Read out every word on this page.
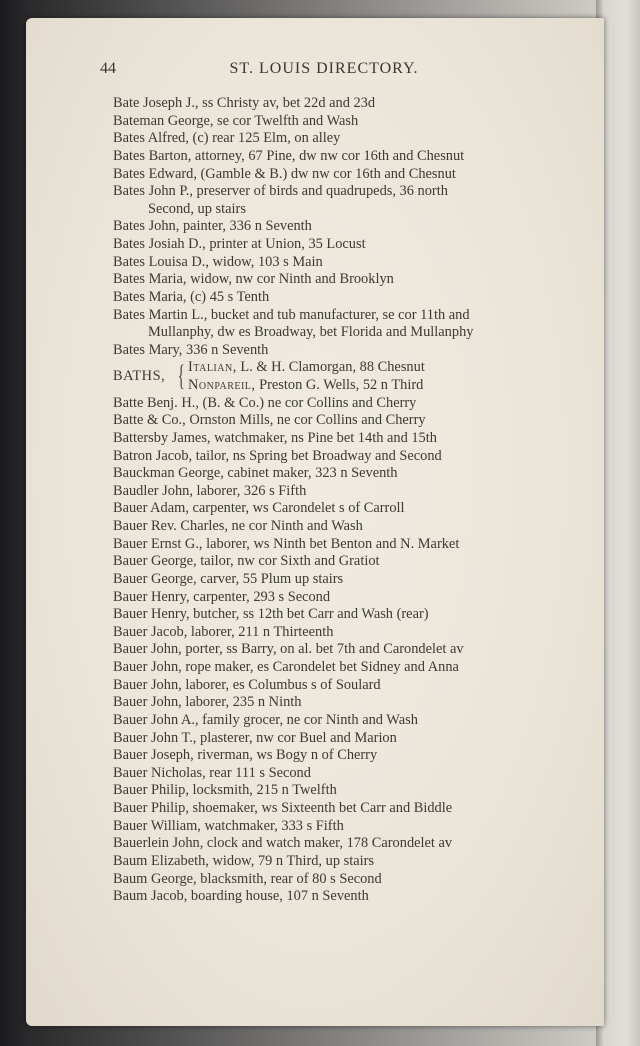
44	ST. LOUIS DIRECTORY.
Bate Joseph J., ss Christy av, bet 22d and 23d
Bateman George, se cor Twelfth and Wash
Bates Alfred, (c) rear 125 Elm, on alley
Bates Barton, attorney, 67 Pine, dw nw cor 16th and Chesnut
Bates Edward, (Gamble & B.) dw nw cor 16th and Chesnut
Bates John P., preserver of birds and quadrupeds, 36 north
Second, up stairs
Bates John, painter, 336 n Seventh
Bates Josiah D., printer at Union, 35 Locust
Bates Louisa D., widow, 103 s Main
Bates Maria, widow, nw cor Ninth and Brooklyn
Bates Maria, (c) 45 s Tenth
Bates Martin L., bucket and tub manufacturer, se cor 11th and
Mullanphy, dw es Broadway, bet Florida and Mullanphy
Bates Mary, 336 n Seventh
BATHS, { Italian, L. & H. Clamorgan, 88 Chesnut
Nonpareil, Preston G. Wells, 52 n Third
Batte Benj. H., (B. & Co.) ne cor Collins and Cherry
Batte & Co., Ornston Mills, ne cor Collins and Cherry
Battersby James, watchmaker, ns Pine bet 14th and 15th
Batron Jacob, tailor, ns Spring bet Broadway and Second
Bauckman George, cabinet maker, 323 n Seventh
Baudler John, laborer, 326 s Fifth
Bauer Adam, carpenter, ws Carondelet s of Carroll
Bauer Rev. Charles, ne cor Ninth and Wash
Bauer Ernst G., laborer, ws Ninth bet Benton and N. Market
Bauer George, tailor, nw cor Sixth and Gratiot
Bauer George, carver, 55 Plum up stairs
Bauer Henry, carpenter, 293 s Second
Bauer Henry, butcher, ss 12th bet Carr and Wash (rear)
Bauer Jacob, laborer, 211 n Thirteenth
Bauer John, porter, ss Barry, on al. bet 7th and Carondelet av
Bauer John, rope maker, es Carondelet bet Sidney and Anna
Bauer John, laborer, es Columbus s of Soulard
Bauer John, laborer, 235 n Ninth
Bauer John A., family grocer, ne cor Ninth and Wash
Bauer John T., plasterer, nw cor Buel and Marion
Bauer Joseph, riverman, ws Bogy n of Cherry
Bauer Nicholas, rear 111 s Second
Bauer Philip, locksmith, 215 n Twelfth
Bauer Philip, shoemaker, ws Sixteenth bet Carr and Biddle
Bauer William, watchmaker, 333 s Fifth
Bauerlein John, clock and watch maker, 178 Carondelet av
Baum Elizabeth, widow, 79 n Third, up stairs
Baum George, blacksmith, rear of 80 s Second
Baum Jacob, boarding house, 107 n Seventh
